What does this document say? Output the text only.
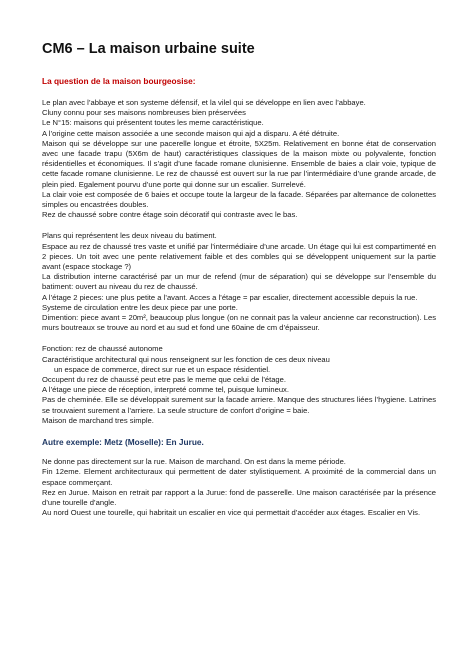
CM6 – La maison urbaine suite
La question de la maison bourgeosise:

Le plan avec l’abbaye et son systeme défensif, et la vilel qui se développe en lien avec l’abbaye.

Cluny connu pour ses maisons nombreuses bien préservées

Le N°15: maisons qui présentent toutes les meme caractéristique.

A l’origine cette maison associée a une seconde maison qui ajd a disparu. A été détruite.

Maison qui se développe sur une pacerelle longue et étroite, 5X25m. Relativement en bonne état de conservation avec une facade trapu (5X6m de haut) caractéristiques classiques de la maison mixte ou polyvalente, fonction résidentielles et économiques. Il s’agit d’une facade romane clunisienne. Ensemble de baies a clair voie, typique de cette facade romane clunisienne. Le rez de chaussé est ouvert sur la rue par l’intermédiaire d’une grande arcade, de plein pied. Egalement pourvu d’une porte qui donne sur un escalier. Surrelevé.

La clair voie est composée de 6 baies et occupe toute la largeur de la facade. Séparées par alternance de colonettes simples ou encastrées doubles.

Rez de chaussé sobre contre étage soin décoratif qui contraste avec le bas.

Plans qui représentent les deux niveau du batiment.

Espace au rez de chaussé tres vaste et unifié par l’intermédiaire d’une arcade. Un étage qui lui est compartimenté en 2 pieces. Un toit avec une pente relativement faible et des combles qui se développent uniquement sur la partie avant (espace stockage ?)

La distribution interne caractérisé par un mur de refend (mur de séparation) qui se développe sur l’ensemble du batiment: ouvert au niveau du rez de chaussé.

A l’étage 2 pieces: une plus petite a l’avant. Acces a l’étage = par escalier, directement accessible depuis la rue.

Systeme de circulation entre les deux piece par une porte.

Dimention: piece avant = 20m², beaucoup plus longue (on ne connait pas la valeur ancienne car reconstruction). Les murs boutreaux se trouve au nord et au sud et fond une 60aine de cm d’épaisseur.

Fonction: rez de chaussé autonome

Caractéristique architectural qui nous renseignent sur les fonction de ces deux niveau

un espace de commerce, direct sur rue et un espace résidentiel.

Occupent du rez de chaussé peut etre pas le meme que celui de l’étage.

A l’étage une piece de réception, interpreté comme tel, puisque lumineux.

Pas de cheminée. Elle se développait surement sur la facade arriere. Manque des structures liées l’hygiene. Latrines se trouvaient surement a l’arriere. La seule structure de confort d’origine = baie.

Maison de marchand tres simple.

Autre exemple: Metz (Moselle): En Jurue.

Ne donne pas directement sur la rue. Maison de marchand. On est dans la meme période.

Fin 12eme. Element architecturaux qui permettent de dater stylistiquement. A proximité de la commercial dans un espace commerçant.

Rez en Jurue. Maison en retrait par rapport a la Jurue: fond de passerelle. Une maison caractérisée par la présence d’une tourelle d’angle.

Au nord Ouest une tourelle, qui habritait un escalier en vice qui permettait d’accéder aux étages. Escalier en Vis.
